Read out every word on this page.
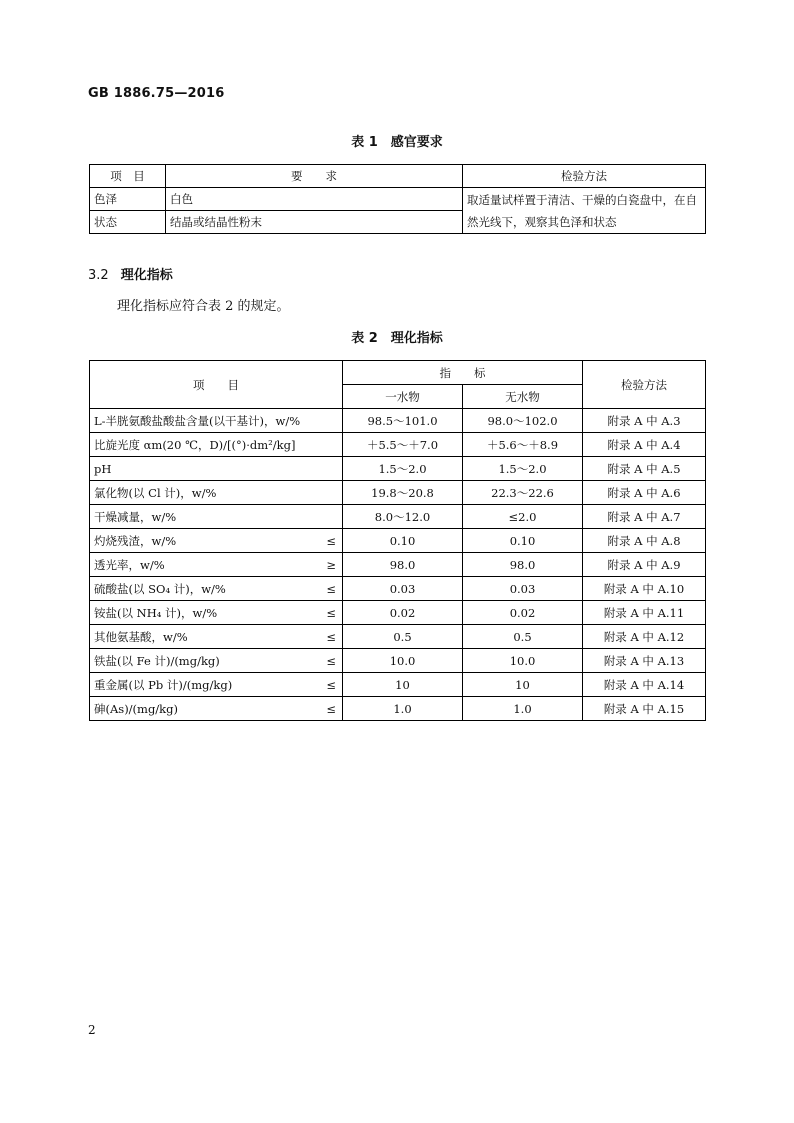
GB 1886.75—2016
表 1　感官要求
项　目	要　　求	检验方法
色泽	白色	取适量试样置于清洁、干燥的白瓷盘中，在自然光线下，观察其色泽和状态
状态	结晶或结晶性粉末	
3.2 理化指标
理化指标应符合表 2 的规定。
表 2　理化指标
项　　目	指　　标		检验方法
	一水物	无水物	

L-半胱氨酸盐酸盐含量(以干基计)，w/%	98.5～101.0	98.0～102.0	附录 A 中 A.3

比旋光度 αm(20 ℃，D)/[(°)·dm²/kg]	＋5.5～＋7.0	＋5.6～＋8.9	附录 A 中 A.4

pH	1.5～2.0	1.5～2.0	附录 A 中 A.5

氯化物(以 Cl 计)，w/%	19.8～20.8	22.3～22.6	附录 A 中 A.6

干燥减量，w/%	8.0～12.0	≤2.0	附录 A 中 A.7

灼烧残渣，w/% ≤	0.10	0.10	附录 A 中 A.8

透光率，w/% ≥	98.0	98.0	附录 A 中 A.9

硫酸盐(以 SO₄ 计)，w/% ≤	0.03	0.03	附录 A 中 A.10

铵盐(以 NH₄ 计)，w/% ≤	0.02	0.02	附录 A 中 A.11

其他氨基酸，w/% ≤	0.5	0.5	附录 A 中 A.12

铁盐(以 Fe 计)/(mg/kg) ≤	10.0	10.0	附录 A 中 A.13

重金属(以 Pb 计)/(mg/kg) ≤	10	10	附录 A 中 A.14

砷(As)/(mg/kg) ≤	1.0	1.0	附录 A 中 A.15
2
